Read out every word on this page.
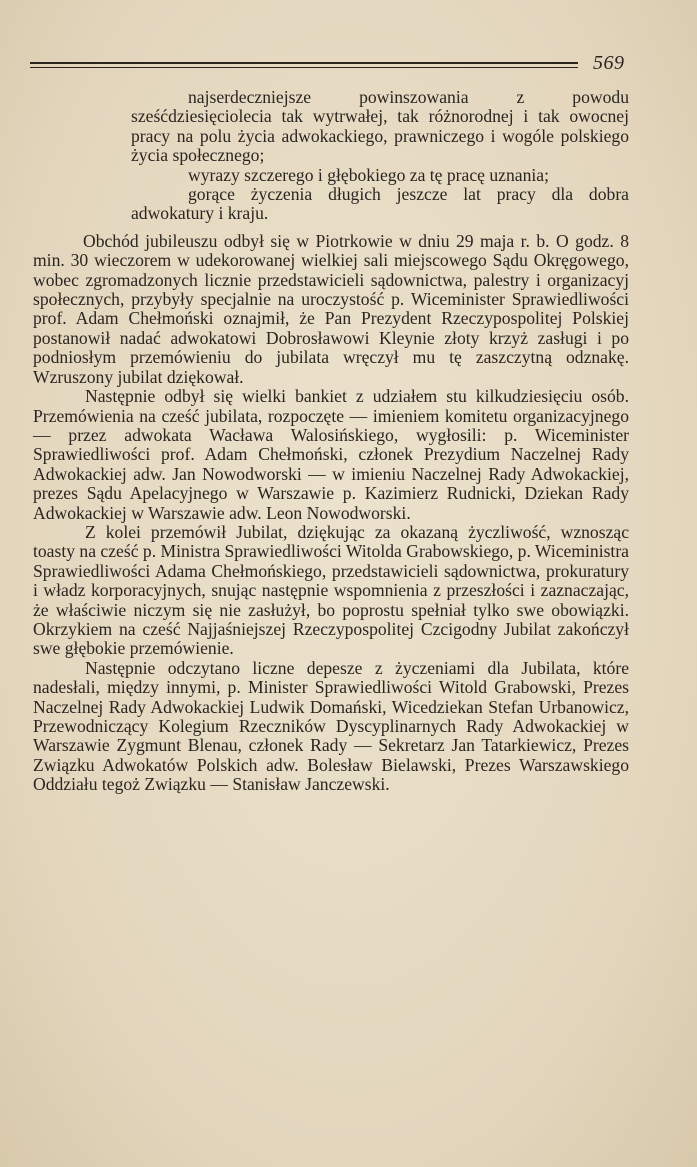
569

najserdeczniejsze powinszowania z powodu sześćdziesięciolecia tak wytrwałej, tak różnorodnej i tak owocnej pracy na polu życia adwokackiego, prawniczego i wogóle polskiego życia społecznego;

wyrazy szczerego i głębokiego za tę pracę uznania;

gorące życzenia długich jeszcze lat pracy dla dobra adwokatury i kraju.

Obchód jubileuszu odbył się w Piotrkowie w dniu 29 maja r. b. O godz. 8 min. 30 wieczorem w udekorowanej wielkiej sali miejscowego Sądu Okręgowego, wobec zgromadzonych licznie przedstawicieli sądownictwa, palestry i organizacyj społecznych, przybyły specjalnie na uroczystość p. Wiceminister Sprawiedliwości prof. Adam Chełmoński oznajmił, że Pan Prezydent Rzeczypospolitej Polskiej postanowił nadać adwokatowi Dobrosławowi Kleynie złoty krzyż zasługi i po podniosłym przemówieniu do jubilata wręczył mu tę zaszczytną odznakę. Wzruszony jubilat dziękował.

Następnie odbył się wielki bankiet z udziałem stu kilkudziesięciu osób. Przemówienia na cześć jubilata, rozpoczęte — imieniem komitetu organizacyjnego — przez adwokata Wacława Walosińskiego, wygłosili: p. Wiceminister Sprawiedliwości prof. Adam Chełmoński, członek Prezydium Naczelnej Rady Adwokackiej adw. Jan Nowodworski — w imieniu Naczelnej Rady Adwokackiej, prezes Sądu Apelacyjnego w Warszawie p. Kazimierz Rudnicki, Dziekan Rady Adwokackiej w Warszawie adw. Leon Nowodworski.

Z kolei przemówił Jubilat, dziękując za okazaną życzliwość, wznosząc toasty na cześć p. Ministra Sprawiedliwości Witolda Grabowskiego, p. Wiceministra Sprawiedliwości Adama Chełmońskiego, przedstawicieli sądownictwa, prokuratury i władz korporacyjnych, snując następnie wspomnienia z przeszłości i zaznaczając, że właściwie niczym się nie zasłużył, bo poprostu spełniał tylko swe obowiązki. Okrzykiem na cześć Najjaśniejszej Rzeczypospolitej Czcigodny Jubilat zakończył swe głębokie przemówienie.

Następnie odczytano liczne depesze z życzeniami dla Jubilata, które nadesłali, między innymi, p. Minister Sprawiedliwości Witold Grabowski, Prezes Naczelnej Rady Adwokackiej Ludwik Domański, Wicedziekan Stefan Urbanowicz, Przewodniczący Kolegium Rzeczników Dyscyplinarnych Rady Adwokackiej w Warszawie Zygmunt Blenau, członek Rady — Sekretarz Jan Tatarkiewicz, Prezes Związku Adwokatów Polskich adw. Bolesław Bielawski, Prezes Warszawskiego Oddziału tegoż Związku — Stanisław Janczewski.
